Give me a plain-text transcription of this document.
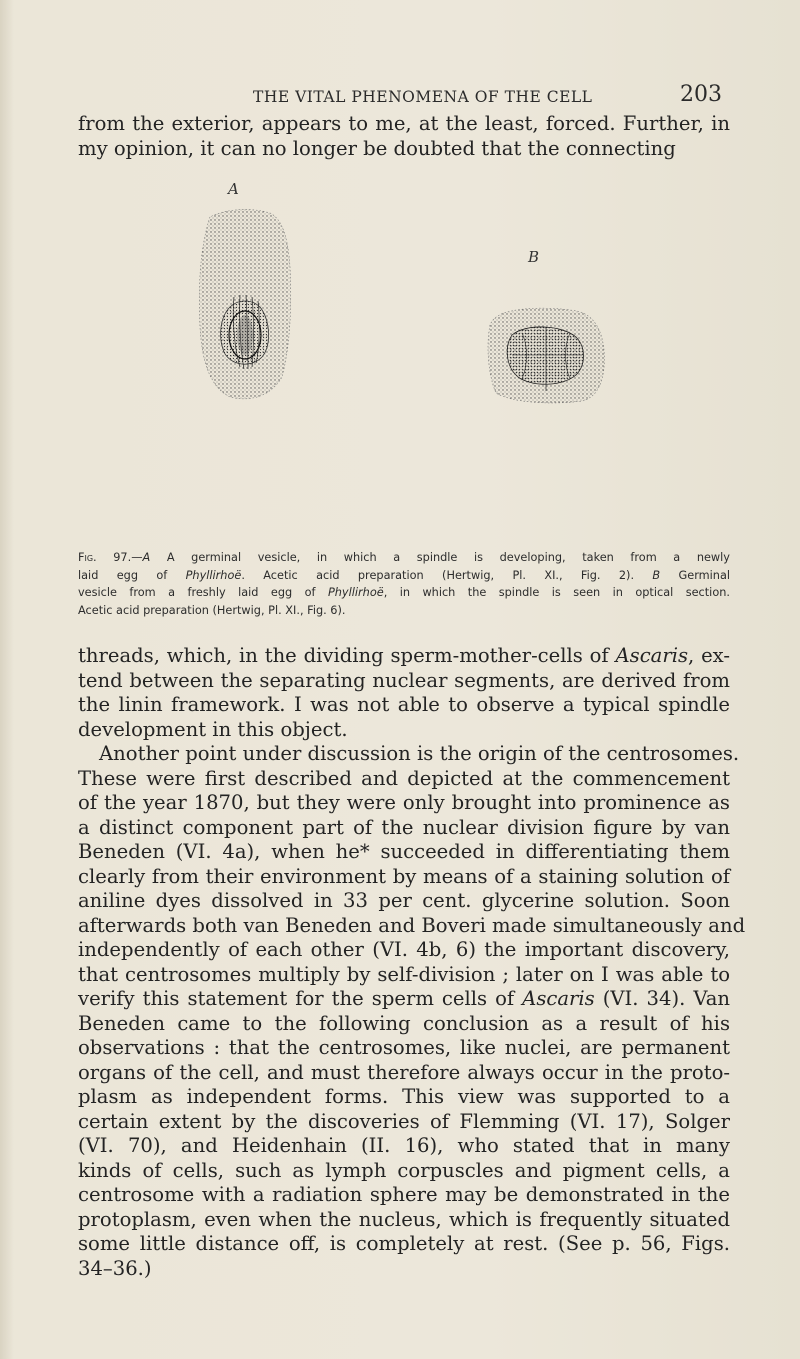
THE VITAL PHENOMENA OF THE CELL	203
from the exterior, appears to me, at the least, forced. Further, in
my opinion, it can no longer be doubted that the connecting
A
B
Fig. 97.—A A germinal vesicle, in which a spindle is developing, taken from a newly
laid egg of Phyllirhoë. Acetic acid preparation (Hertwig, Pl. XI., Fig. 2). B Germinal
vesicle from a freshly laid egg of Phyllirhoë, in which the spindle is seen in optical section.
Acetic acid preparation (Hertwig, Pl. XI., Fig. 6).
threads, which, in the dividing sperm-mother-cells of Ascaris, ex-
tend between the separating nuclear segments, are derived from
the linin framework. I was not able to observe a typical spindle
development in this object.
Another point under discussion is the origin of the centrosomes.
These were first described and depicted at the commencement
of the year 1870, but they were only brought into prominence as
a distinct component part of the nuclear division figure by van
Beneden (VI. 4a), when he* succeeded in differentiating them
clearly from their environment by means of a staining solution of
aniline dyes dissolved in 33 per cent. glycerine solution. Soon
afterwards both van Beneden and Boveri made simultaneously and
independently of each other (VI. 4b, 6) the important discovery,
that centrosomes multiply by self-division ; later on I was able to
verify this statement for the sperm cells of Ascaris (VI. 34). Van
Beneden came to the following conclusion as a result of his
observations : that the centrosomes, like nuclei, are permanent
organs of the cell, and must therefore always occur in the proto-
plasm as independent forms. This view was supported to a
certain extent by the discoveries of Flemming (VI. 17), Solger
(VI. 70), and Heidenhain (II. 16), who stated that in many
kinds of cells, such as lymph corpuscles and pigment cells, a
centrosome with a radiation sphere may be demonstrated in the
protoplasm, even when the nucleus, which is frequently situated
some little distance off, is completely at rest. (See p. 56, Figs.
34–36.)
